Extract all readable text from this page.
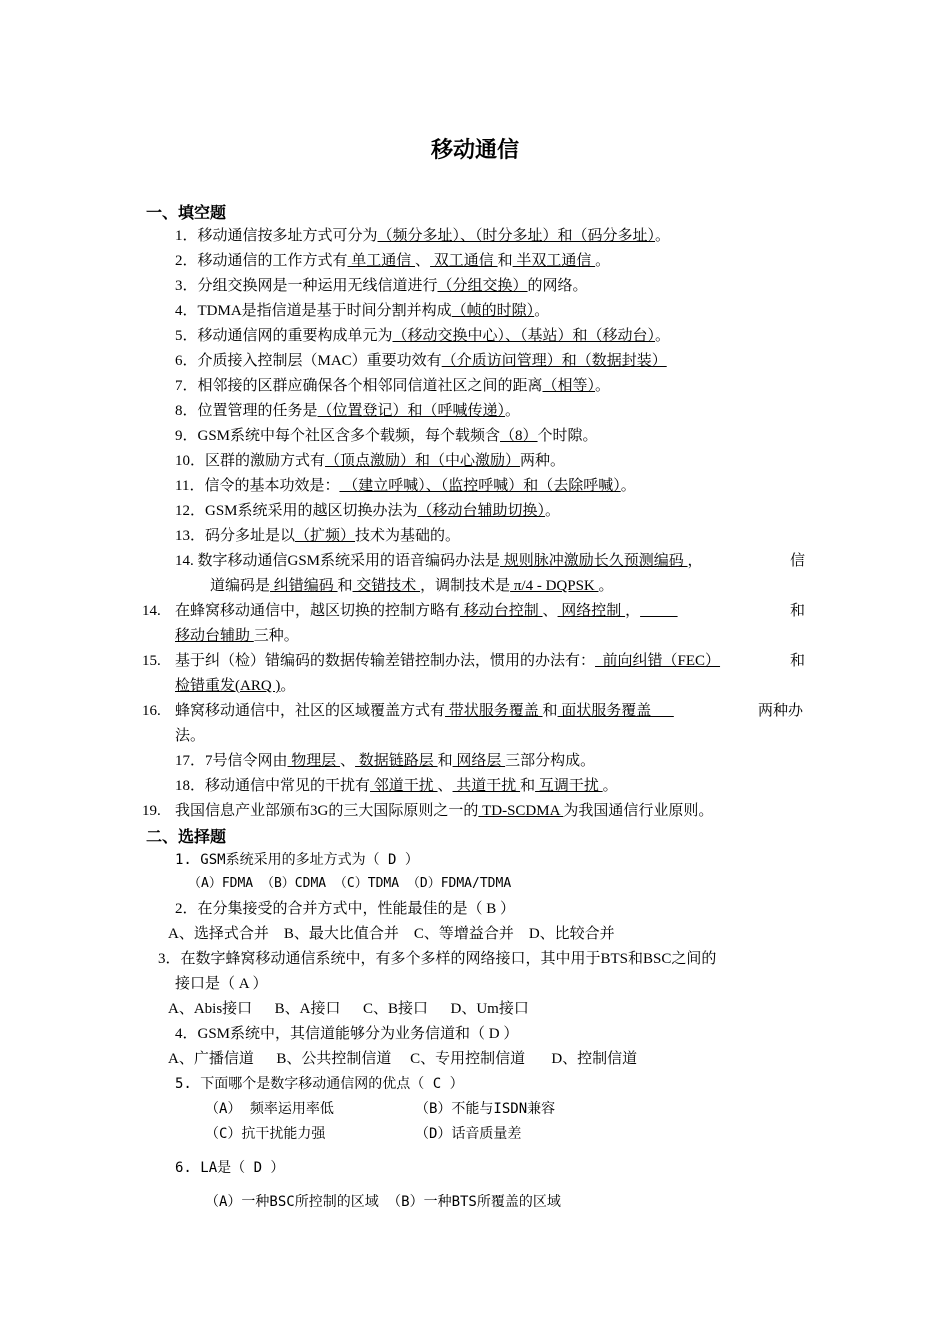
移动通信
一、填空题
1．移动通信按多址方式可分为（频分多址）、（时分多址）和（码分多址）。
2．移动通信的工作方式有 单工通信 、 双工通信 和 半双工通信 。
3．分组交换网是一种运用无线信道进行（分组交换）的网络。
4．TDMA是指信道是基于时间分割并构成（帧的时隙）。
5．移动通信网的重要构成单元为（移动交换中心）、（基站）和（移动台）。
6．介质接入控制层（MAC）重要功效有（介质访问管理）和（数据封装）
7．相邻接的区群应确保各个相邻同信道社区之间的距离（相等）。
8．位置管理的任务是（位置登记）和（呼喊传递）。
9．GSM系统中每个社区含多个载频，每个载频含（8）个时隙。
10．区群的激励方式有（顶点激励）和（中心激励）两种。
11．信令的基本功效是： （建立呼喊）、（监控呼喊）和（去除呼喊）。
12．GSM系统采用的越区切换办法为（移动台辅助切换）。
13．码分多址是以（扩频）技术为基础的。
14. 数字移动通信GSM系统采用的语音编码办法是 规则脉冲激励长久预测编码 ，	信
道编码是 纠错编码 和 交错技术 ，调制技术是 π/4 - DQPSK 。
14. 在蜂窝移动通信中，越区切换的控制方略有 移动台控制 、 网络控制 ，	和
移动台辅助 三种。
15. 基于纠（检）错编码的数据传输差错控制办法，惯用的办法有：  前向纠错（FEC）	和
检错重发(ARQ )。
16. 蜂窝移动通信中，社区的区域覆盖方式有 带状服务覆盖 和 面状服务覆盖	两种办
法。
17．7号信令网由 物理层 、 数据链路层 和 网络层 三部分构成。
18．移动通信中常见的干扰有 邻道干扰 、 共道干扰 和 互调干扰 。
19. 我国信息产业部颁布3G的三大国际原则之一的 TD-SCDMA 为我国通信行业原则。
二、选择题
1. GSM系统采用的多址方式为（ D ）
（A）FDMA （B）CDMA （C）TDMA （D）FDMA/TDMA
2．在分集接受的合并方式中，性能最佳的是（ B ）
A、选择式合并    B、最大比值合并    C、等增益合并    D、比较合并
3．在数字蜂窝移动通信系统中，有多个多样的网络接口，其中用于BTS和BSC之间的
接口是（ A ）
A、Abis接口      B、A接口      C、B接口      D、Um接口
4．GSM系统中，其信道能够分为业务信道和（ D ）
A、广播信道      B、公共控制信道     C、专用控制信道       D、控制信道
5. 下面哪个是数字移动通信网的优点（ C ）
（A） 频率运用率低	（B）不能与ISDN兼容
（C）抗干扰能力强	（D）话音质量差
6. LA是（ D ）
（A）一种BSC所控制的区域 （B）一种BTS所覆盖的区域
